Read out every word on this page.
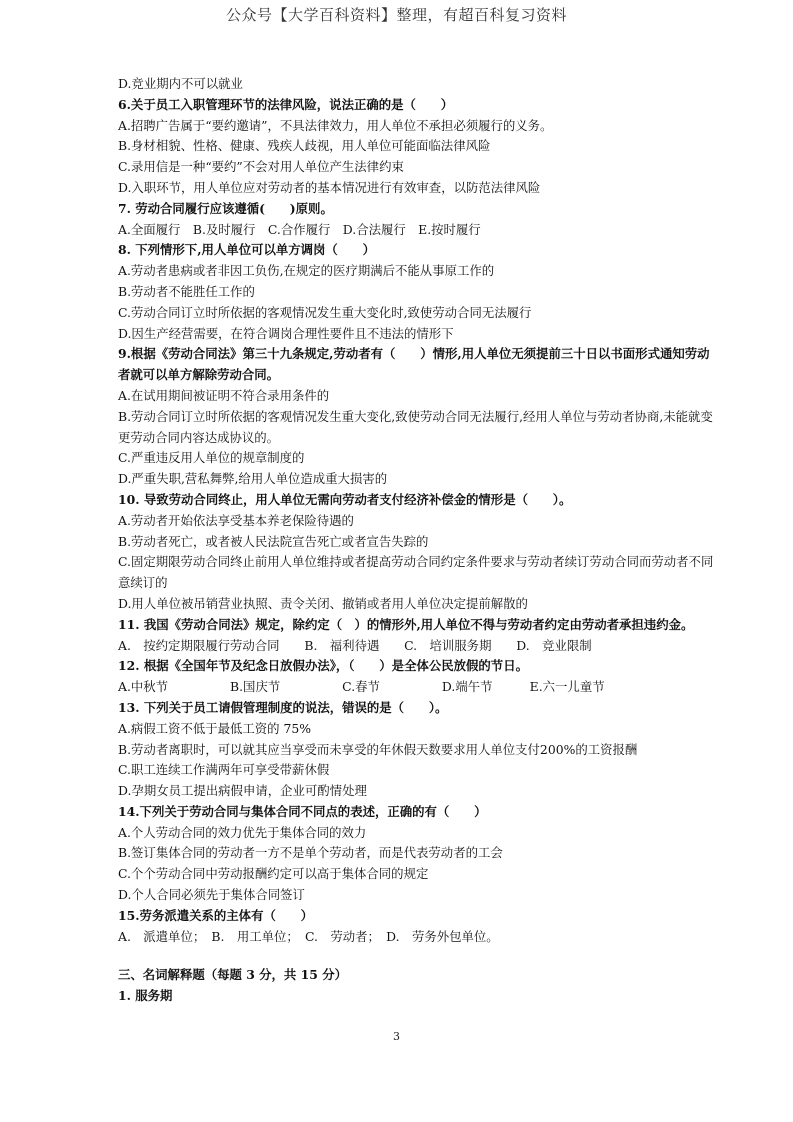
公众号【大学百科资料】整理，有超百科复习资料
D.竞业期内不可以就业
6.关于员工入职管理环节的法律风险，说法正确的是（　　）
A.招聘广告属于“要约邀请”，不具法律效力，用人单位不承担必须履行的义务。
B.身材相貌、性格、健康、残疾人歧视，用人单位可能面临法律风险
C.录用信是一种“要约”不会对用人单位产生法律约束
D.入职环节，用人单位应对劳动者的基本情况进行有效审查，以防范法律风险
7. 劳动合同履行应该遵循(　　)原则。
A.全面履行　B.及时履行　C.合作履行　D.合法履行　E.按时履行
8. 下列情形下,用人单位可以单方调岗（　　）
A.劳动者患病或者非因工负伤,在规定的医疗期满后不能从事原工作的
B.劳动者不能胜任工作的
C.劳动合同订立时所依据的客观情况发生重大变化时,致使劳动合同无法履行
D.因生产经营需要，在符合调岗合理性要件且不违法的情形下
9.根据《劳动合同法》第三十九条规定,劳动者有（　　）情形,用人单位无须提前三十日以书面形式通知劳动者就可以单方解除劳动合同。
A.在试用期间被证明不符合录用条件的
B.劳动合同订立时所依据的客观情况发生重大变化,致使劳动合同无法履行,经用人单位与劳动者协商,未能就变更劳动合同内容达成协议的。
C.严重违反用人单位的规章制度的
D.严重失职,营私舞弊,给用人单位造成重大损害的
10. 导致劳动合同终止，用人单位无需向劳动者支付经济补偿金的情形是（　　）。
A.劳动者开始依法享受基本养老保险待遇的
B.劳动者死亡，或者被人民法院宣告死亡或者宣告失踪的
C.固定期限劳动合同终止前用人单位维持或者提高劳动合同约定条件要求与劳动者续订劳动合同而劳动者不同意续订的
D.用人单位被吊销营业执照、责令关闭、撤销或者用人单位决定提前解散的
11. 我国《劳动合同法》规定，除约定（　）的情形外,用人单位不得与劳动者约定由劳动者承担违约金。
A.　按约定期限履行劳动合同　　B.　福利待遇　　C.　培训服务期　　D.　竞业限制
12. 根据《全国年节及纪念日放假办法》，（　　）是全体公民放假的节日。
A.中秋节　　　　　B.国庆节　　　　　C.春节　　　　　D.端午节　　　E.六一儿童节
13. 下列关于员工请假管理制度的说法，错误的是（　　）。
A.病假工资不低于最低工资的 75%
B.劳动者离职时，可以就其应当享受而未享受的年休假天数要求用人单位支付200%的工资报酬
C.职工连续工作满两年可享受带薪休假
D.孕期女员工提出病假申请，企业可酌情处理
14.下列关于劳动合同与集体合同不同点的表述，正确的有（　　）
A.个人劳动合同的效力优先于集体合同的效力
B.签订集体合同的劳动者一方不是单个劳动者，而是代表劳动者的工会
C.个个劳动合同中劳动报酬约定可以高于集体合同的规定
D.个人合同必须先于集体合同签订
15.劳务派遣关系的主体有（　　）
A.　派遣单位；　B.　用工单位；　C.　劳动者；　D.　劳务外包单位。
三、名词解释题（每题 3 分，共 15 分）
1. 服务期
3
